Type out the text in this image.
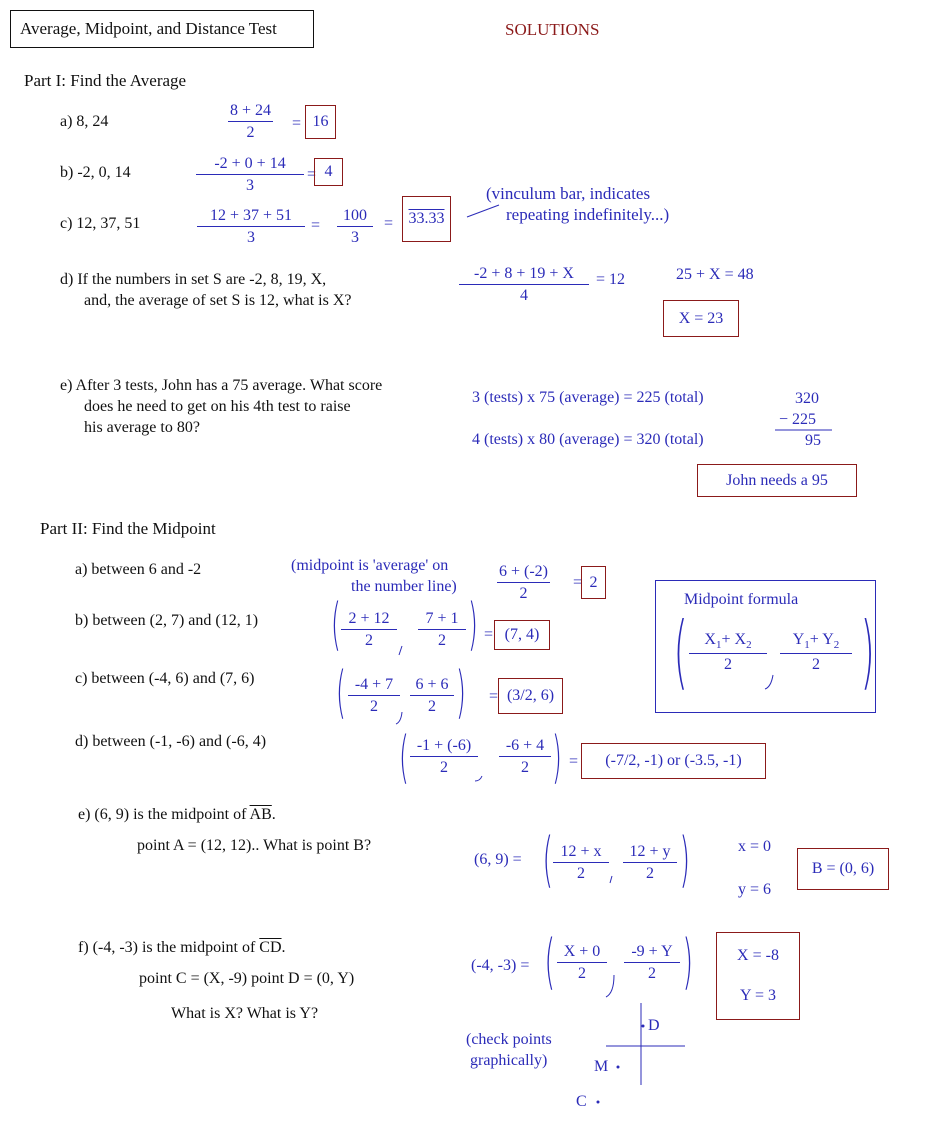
Average, Midpoint, and Distance Test	SOLUTIONS
Part I: Find the Average
a) 8, 24
8 + 24
2
= 16
b) -2, 0, 14
-2 + 0 + 14
3
= 4
c) 12, 37, 51	12 + 37 + 51
3
=
100
3
= 33.33
(vinculum bar, indicates
repeating indefinitely...)
d) If the numbers in set S are -2, 8, 19, X,
and, the average of set S is 12, what is X?
-2 + 8 + 19 + X
4
= 12	25 + X = 48
X = 23
e) After 3 tests, John has a 75 average. What score
does he need to get on his 4th test to raise
his average to 80?
3 (tests) x 75 (average) = 225 (total)
4 (tests) x 80 (average) = 320 (total)
320
− 225
95
John needs a 95
Part II: Find the Midpoint
a) between 6 and -2	(midpoint is 'average' on
the number line)
6 + (-2)
2
= 2
Midpoint formula
( $X_1+ X_2$
2
$Y_1+ Y_2$
2 )
b) between (2, 7) and (12, 1) ( 2 + 12
2
7 + 1
2 ) = (7, 4)
c) between (-4, 6) and (7, 6) ( -4 + 7
2
6 + 6
2 ) = (3/2, 6)
d) between (-1, -6) and (-6, 4) ( -1 + (-6)
2
-6 + 4
2 ) = (-7/2, -1) or (-3.5, -1)
e) (6, 9) is the midpoint of $\overline{AB}$.
point A = (12, 12).. What is point B?
(6, 9) = ( 12 + x
2
12 + y
2 )	x = 0
y = 6
B = (0, 6)
f) (-4, -3) is the midpoint of $\overline{CD}$.
point C = (X, -9) point D = (0, Y)
What is X? What is Y?
(-4, -3) = ( X + 0
2
-9 + Y
2 )	X = -8
Y = 3
(check points
graphically)
D
M
C
